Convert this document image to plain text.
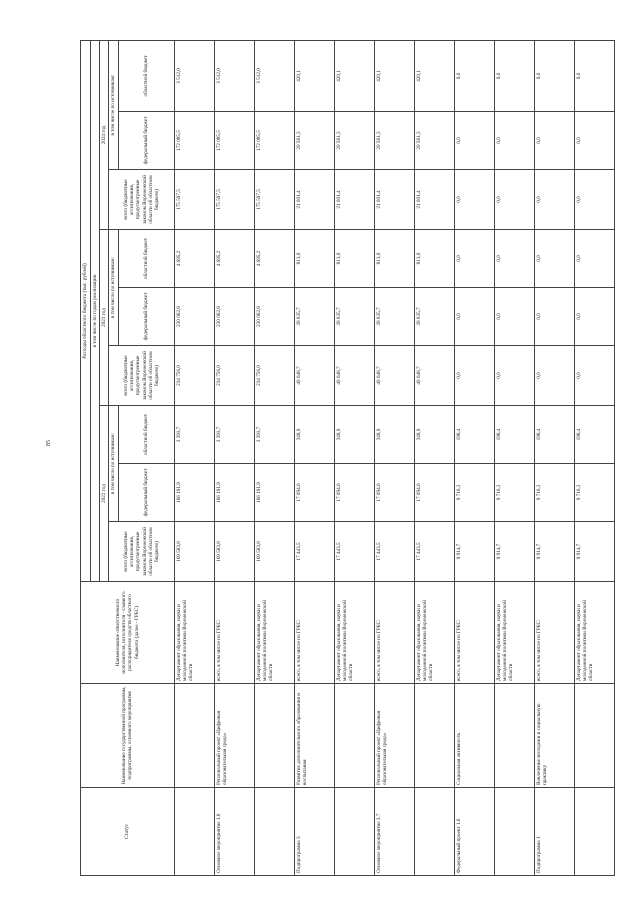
85
Статус	Наименование государственной программы, подпрограммы, основного мероприятия	Наименование ответственного исполнителя, исполнителя - главного распорядителя средств областного бюджета (далее - ГРБС)	Расходы областного бюджета (тыс. рублей)								
			в том числе по годам реализации								
			2022 год			2023 год			2024 год		
			всего (бюджетные ассигнования, предусмотренные законом Воронежской области об областном бюджете)	в том числе по источникам:		всего (бюджетные ассигнования, предусмотренные законом Воронежской области об областном бюджете)	в том числе по источникам:		всего (бюджетные ассигнования, предусмотренные законом Воронежской области об областном бюджете)	в том числе по источникам:	
				федеральный бюджет	областной бюджет		федеральный бюджет	областной бюджет		федеральный бюджет	областной бюджет
		Департамент образования, науки и молодежной политики Воронежской области	169 583,6	166 191,9	3 391,7	234 758,0	230 062,8	4 695,2	175 597,5	172 085,5	3 512,0
Основное мероприятие 1.6	Региональный проект «Цифровая образовательная среда»	всего, в том числе по ГРБС:	169 583,6	166 191,9	3 391,7	234 758,0	230 062,8	4 695,2	175 597,5	172 085,5	3 512,0
		Департамент образования, науки и молодежной политики Воронежской области	169 583,6	166 191,9	3 391,7	234 758,0	230 062,8	4 695,2	175 597,5	172 085,5	3 512,0
Подпрограмма 3	Развитие дополнительного образования и воспитания	всего, в том числе по ГРБС:	17 443,5	17 094,6	348,9	40 648,7	39 835,7	813,0	21 001,4	20 581,3	420,1
		Департамент образования, науки и молодежной политики Воронежской области	17 443,5	17 094,6	348,9	40 648,7	39 835,7	813,0	21 001,4	20 581,3	420,1
Основное мероприятие 3.7	Региональный проект «Цифровая образовательная среда»	всего, в том числе по ГРБС:	17 443,5	17 094,6	348,9	40 648,7	39 835,7	813,0	21 001,4	20 581,3	420,1
		Департамент образования, науки и молодежной политики Воронежской области	17 443,5	17 094,6	348,9	40 648,7	39 835,7	813,0	21 001,4	20 581,3	420,1
Федеральный проект 1.6	Социальная активность	всего, в том числе по ГРБС:	9 914,7	9 716,3	198,4	0,0	0,0	0,0	0,0	0,0	0,0
		Департамент образования, науки и молодежной политики Воронежской области	9 914,7	9 716,3	198,4	0,0	0,0	0,0	0,0	0,0	0,0
Подпрограмма 1	Вовлечение молодежи в социальную практику	всего, в том числе по ГРБС:	9 914,7	9 716,3	198,4	0,0	0,0	0,0	0,0	0,0	0,0
		Департамент образования, науки и молодежной политики Воронежской области	9 914,7	9 716,3	198,4	0,0	0,0	0,0	0,0	0,0	0,0
